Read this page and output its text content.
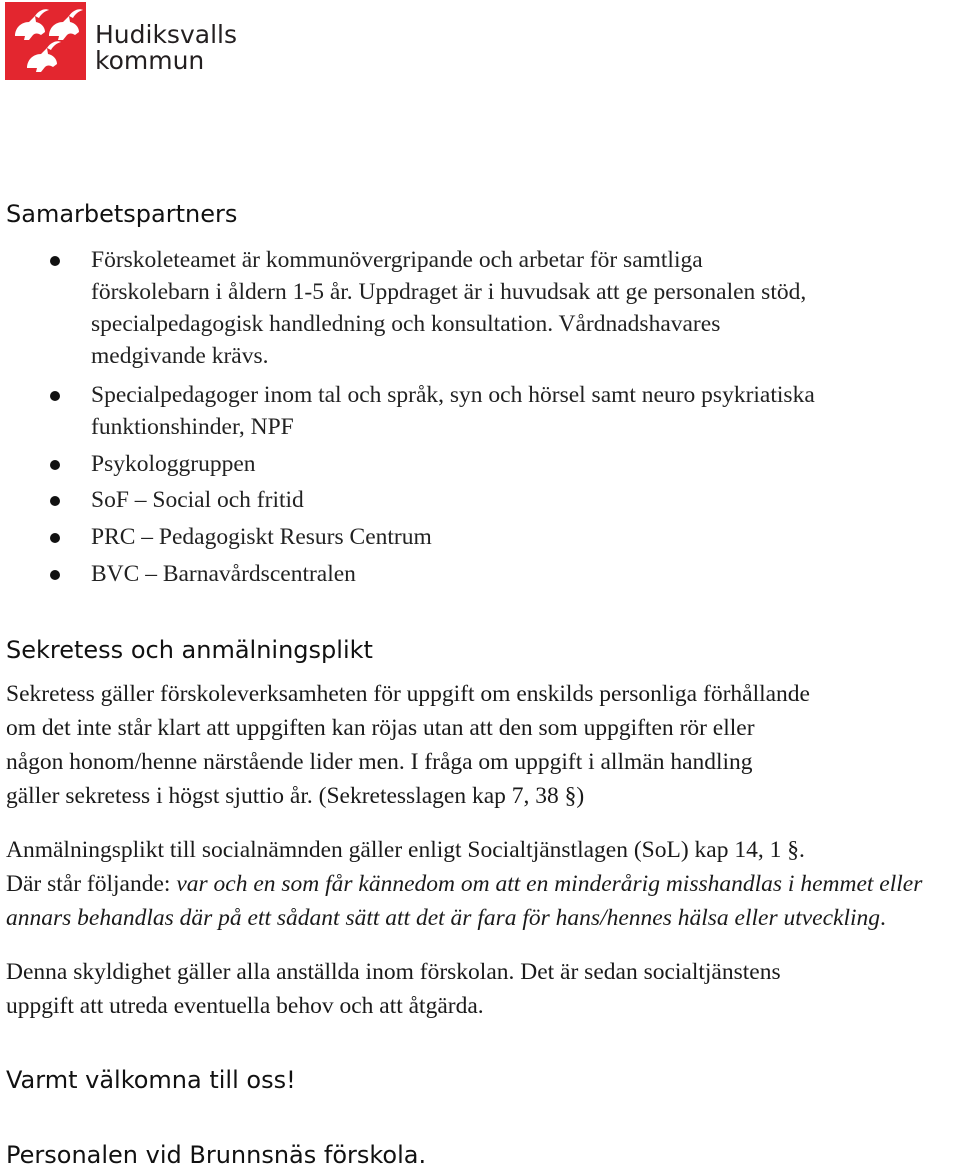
Hudiksvalls
kommun
Samarbetspartners
Förskoleteamet är kommunövergripande och arbetar för samtliga
förskolebarn i åldern 1-5 år. Uppdraget är i huvudsak att ge personalen stöd,
specialpedagogisk handledning och konsultation. Vårdnadshavares
medgivande krävs.
Specialpedagoger inom tal och språk, syn och hörsel samt neuro psykriatiska
funktionshinder, NPF
Psykologgruppen
SoF – Social och fritid
PRC – Pedagogiskt Resurs Centrum
BVC – Barnavårdscentralen
Sekretess och anmälningsplikt

Sekretess gäller förskoleverksamheten för uppgift om enskilds personliga förhållande
om det inte står klart att uppgiften kan röjas utan att den som uppgiften rör eller
någon honom/henne närstående lider men. I fråga om uppgift i allmän handling
gäller sekretess i högst sjuttio år. (Sekretesslagen kap 7, 38 §)

Anmälningsplikt till socialnämnden gäller enligt Socialtjänstlagen (SoL) kap 14, 1 §.
Där står följande: var och en som får kännedom om att en minderårig misshandlas i hemmet eller
annars behandlas där på ett sådant sätt att det är fara för hans/hennes hälsa eller utveckling.

Denna skyldighet gäller alla anställda inom förskolan. Det är sedan socialtjänstens
uppgift att utreda eventuella behov och att åtgärda.

Varmt välkomna till oss!
Personalen vid Brunnsnäs förskola.
